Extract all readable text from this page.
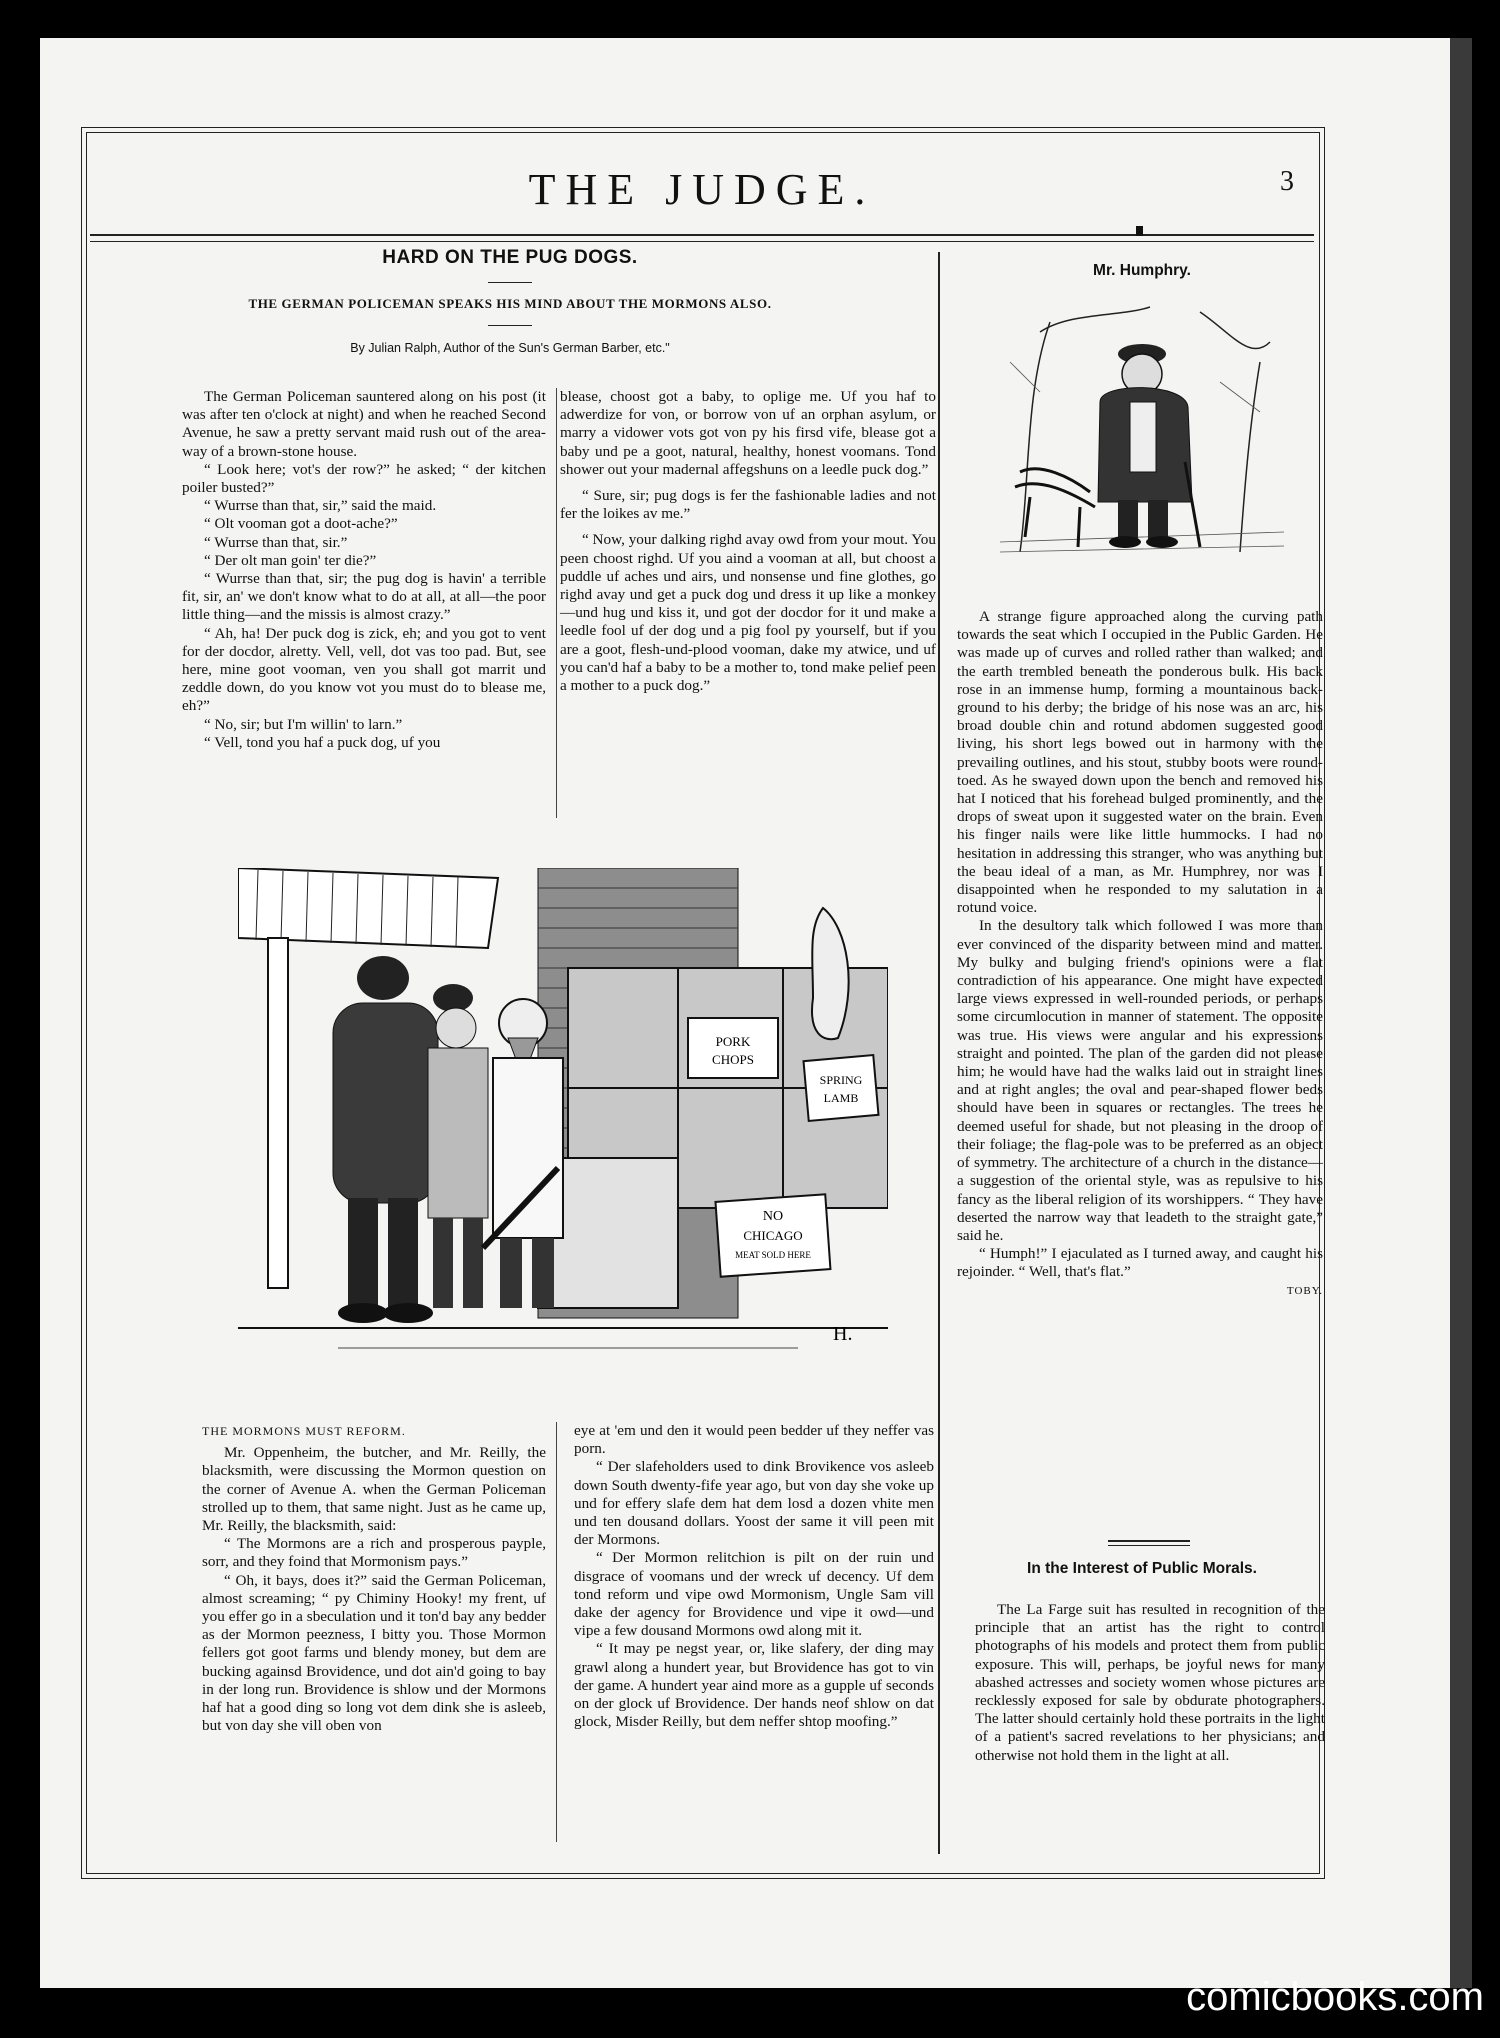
THE JUDGE.	3
HARD ON THE PUG DOGS.
THE GERMAN POLICEMAN SPEAKS HIS MIND ABOUT THE MORMONS ALSO.
By Julian Ralph, Author of the Sun's German Barber, etc."

The German Policeman sauntered along on his post (it was after ten o'clock at night) and when he reached Second Avenue, he saw a pretty servant maid rush out of the area-way of a brown-stone house.

“ Look here; vot's der row?” he asked; “ der kitchen poiler busted?”

“ Wurrse than that, sir,” said the maid.

“ Olt vooman got a doot-ache?”

“ Wurrse than that, sir.”

“ Der olt man goin' ter die?”

“ Wurrse than that, sir; the pug dog is havin' a terrible fit, sir, an' we don't know what to do at all, at all—the poor little thing—and the missis is almost crazy.”

“ Ah, ha! Der puck dog is zick, eh; and you got to vent for der docdor, alretty. Vell, vell, dot vas too pad. But, see here, mine goot vooman, ven you shall got marrit und zeddle down, do you know vot you must do to blease me, eh?”

“ No, sir; but I'm willin' to larn.”

“ Vell, tond you haf a puck dog, uf you

blease, choost got a baby, to oplige me. Uf you haf to adwerdize for von, or borrow von uf an orphan asylum, or marry a vidower vots got von py his firsd vife, blease got a baby und pe a goot, natural, healthy, honest voomans. Tond shower out your madernal affegshuns on a leedle puck dog.”

“ Sure, sir; pug dogs is fer the fashionable ladies and not fer the loikes av me.”

“ Now, your dalking righd avay owd from your mout. You peen choost righd. Uf you aind a vooman at all, but choost a puddle uf aches und airs, und nonsense und fine glothes, go righd avay und get a puck dog und dress it up like a monkey—und hug und kiss it, und got der docdor for it und make a leedle fool uf der dog und a pig fool py yourself, but if you are a goot, flesh-und-plood vooman, dake my atwice, und uf you can'd haf a baby to be a mother to, tond make pelief peen a mother to a puck dog.”

PORK
CHOPS
SPRING
LAMB
NO
CHICAGO
MEAT SOLD HERE
H.
THE MORMONS MUST REFORM.

Mr. Oppenheim, the butcher, and Mr. Reilly, the blacksmith, were discussing the Mormon question on the corner of Avenue A. when the German Policeman strolled up to them, that same night. Just as he came up, Mr. Reilly, the blacksmith, said:

“ The Mormons are a rich and prosperous payple, sorr, and they foind that Mormonism pays.”

“ Oh, it bays, does it?” said the German Policeman, almost screaming; “ py Chiminy Hooky! my frent, uf you effer go in a sbeculation und it ton'd bay any bedder as der Mormon peezness, I bitty you. Those Mormon fellers got goot farms und blendy money, but dem are bucking againsd Brovidence, und dot ain'd going to bay in der long run. Brovidence is shlow und der Mormons haf hat a good ding so long vot dem dink she is asleeb, but von day she vill oben von

eye at 'em und den it would peen bedder uf they neffer vas porn.

“ Der slafeholders used to dink Brovikence vos asleeb down South dwenty-fife year ago, but von day she voke up und for effery slafe dem hat dem losd a dozen vhite men und ten dousand dollars. Yoost der same it vill peen mit der Mormons.

“ Der Mormon relitchion is pilt on der ruin und disgrace of voomans und der wreck uf decency. Uf dem tond reform und vipe owd Mormonism, Ungle Sam vill dake der agency for Brovidence und vipe it owd—und vipe a few dousand Mormons owd along mit it.

“ It may pe negst year, or, like slafery, der ding may grawl along a hundert year, but Brovidence has got to vin der game. A hundert year aind more as a gupple uf seconds on der glock uf Brovidence. Der hands neof shlow on dat glock, Misder Reilly, but dem neffer shtop moofing.”

Mr. Humphry.

A strange figure approached along the curving path towards the seat which I occupied in the Public Garden. He was made up of curves and rolled rather than walked; and the earth trembled beneath the ponderous bulk. His back rose in an immense hump, forming a mountainous back-ground to his derby; the bridge of his nose was an arc, his broad double chin and rotund abdomen suggested good living, his short legs bowed out in harmony with the prevailing outlines, and his stout, stubby boots were round-toed. As he swayed down upon the bench and removed his hat I noticed that his forehead bulged prominently, and the drops of sweat upon it suggested water on the brain. Even his finger nails were like little hummocks. I had no hesitation in addressing this stranger, who was anything but the beau ideal of a man, as Mr. Humphrey, nor was I disappointed when he responded to my salutation in a rotund voice.

In the desultory talk which followed I was more than ever convinced of the disparity between mind and matter. My bulky and bulging friend's opinions were a flat contradiction of his appearance. One might have expected large views expressed in well-rounded periods, or perhaps some circumlocution in manner of statement. The opposite was true. His views were angular and his expressions straight and pointed. The plan of the garden did not please him; he would have had the walks laid out in straight lines and at right angles; the oval and pear-shaped flower beds should have been in squares or rectangles. The trees he deemed useful for shade, but not pleasing in the droop of their foliage; the flag-pole was to be preferred as an object of symmetry. The architecture of a church in the distance—a suggestion of the oriental style, was as repulsive to his fancy as the liberal religion of its worshippers. “ They have deserted the narrow way that leadeth to the straight gate,” said he.

“ Humph!” I ejaculated as I turned away, and caught his rejoinder. “ Well, that's flat.”

TOBY.
In the Interest of Public Morals.

The La Farge suit has resulted in recognition of the principle that an artist has the right to control photographs of his models and protect them from public exposure. This will, perhaps, be joyful news for many abashed actresses and society women whose pictures are recklessly exposed for sale by obdurate photographers. The latter should certainly hold these portraits in the light of a patient's sacred revelations to her physicians; and otherwise not hold them in the light at all.

comicbooks.com
